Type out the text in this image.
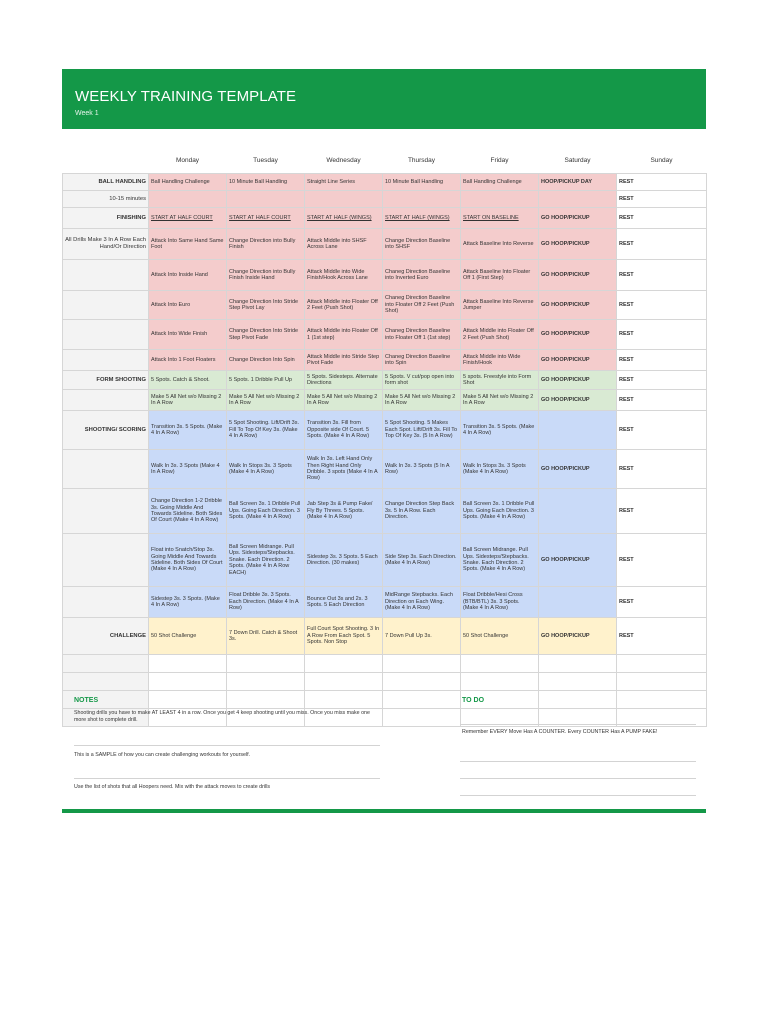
WEEKLY TRAINING TEMPLATE
Week 1
	Monday	Tuesday	Wednesday	Thursday	Friday	Saturday	Sunday
BALL HANDLING	Ball Handling Challenge	10 Minute Ball Handling	Straight Line Series	10 Minute Ball Handling	Ball Handling Challenge	HOOP/PICKUP DAY	REST
10-15 minutes							REST
FINISHING	START AT HALF COURT	START AT HALF COURT	START AT HALF (WINGS)	START AT HALF (WINGS)	START ON BASELINE	GO HOOP/PICKUP	REST
All Drills Make 3 In A Row Each Hand/Or Direction	Attack Into Same Hand Same Foot	Change Direction into Bully Finish	Attack Middle into SHSF Across Lane	Change Direction Baseline into SHSF	Attack Baseline Into Reverse	GO HOOP/PICKUP	REST
	Attack Into Inside Hand	Change Direction into Bully Finish Inside Hand	Attack Middle into Wide Finish/Hook Across Lane	Chaneg Direction Baseline into Inverted Euro	Attack Baseline Into Floater Off 1 (First Step)	GO HOOP/PICKUP	REST
	Attack Into Euro	Change Direction Into Stride Step Pivot Lay	Attack Middle into Floater Off 2 Feet (Push Shot)	Chaneg Direction Baseline into Floater Off 2 Feet (Push Shot)	Attack Baseline Into Reverse Jumper	GO HOOP/PICKUP	REST
	Attack Into Wide Finish	Change Direction Into Stride Step Pivot Fade	Attack Middle into Floater Off 1 (1st step)	Chaneg Direction Baseline into Floater Off 1 (1st step)	Attack Middle into Floater Off 2 Feet (Push Shot)	GO HOOP/PICKUP	REST
	Attack Into 1 Foot Floaters	Change Direction Into Spin	Attack Middle into Stride Step Pivot Fade	Chaneg Direction Baseline into Spin	Attack Middle into Wide Finish/Hook	GO HOOP/PICKUP	REST
FORM SHOOTING	5 Spots. Catch & Shoot.	5 Spots. 1 Dribble Pull Up	5 Spots. Sidesteps. Alternate Directions	5 Spots. V cut/pop open into form shot	5 spots. Freestyle into Form Shot	GO HOOP/PICKUP	REST
	Make 5 All Net w/o Missing 2 In A Row	Make 5 All Net w/o Missing 2 In A Row	Make 5 All Net w/o Missing 2 In A Row	Make 5 All Net w/o Missing 2 In A Row	Make 5 All Net w/o Missing 2 In A Row	GO HOOP/PICKUP	REST
SHOOTING/ SCORING	Transition 3s. 5 Spots. (Make 4 In A Row)	5 Spot Shooting. Lift/Drift 3s. Fill To Top Of Key 3s. (Make 4 In A Row)	Transition 3s. Fill from Opposite side Of Court. 5 Spots. (Make 4 In A Row)	5 Spot Shooting. 5 Makes Each Spot. Lift/Drift 3s. Fill To Top Of Key 3s. (5 In A Row)	Transition 3s. 5 Spots. (Make 4 In A Row)		REST
	Walk In 3s. 3 Spots (Make 4 In A Row)	Walk In Stops 3s. 3 Spots (Make 4 In A Row)	Walk In 3s. Left Hand Only Then Right Hand Only Dribble. 3 spots (Make 4 In A Row)	Walk In 3s. 3 Spots (5 In A Row)	Walk In Stops 3s. 3 Spots (Make 4 In A Row)	GO HOOP/PICKUP	REST
	Change Direction 1-2 Dribble 3s. Going Middle And Towards Sideline. Both Sides Of Court (Make 4 In A Row)	Ball Screen 3s. 1 Dribble Pull Ups. Going Each Direction. 3 Spots. (Make 4 In A Row)	Jab Step 3s & Pump Fake/ Fly By Threes. 5 Spots. (Make 4 In A Row)	Change Direction Step Back 3s. 5 In A Row. Each Direction.	Ball Screen 3s. 1 Dribble Pull Ups. Going Each Direction. 3 Spots. (Make 4 In A Row)		REST
	Float into Snatch/Stop 3s. Going Middle And Towards Sideline. Both Sides Of Court (Make 4 In A Row)	Ball Screen Midrange. Pull Ups. Sidesteps/Stepbacks. Snake. Each Direction. 2 Spots. (Make 4 In A Row EACH)	Sidestep 3s. 3 Spots. 5 Each Direction. (30 makes)	Side Step 3s. Each Direction. (Make 4 In A Row)	Ball Screen Midrange. Pull Ups. Sidesteps/Stepbacks. Snake. Each Direction. 2 Spots. (Make 4 In A Row)	GO HOOP/PICKUP	REST
	Sidestep 3s. 3 Spots. (Make 4 In A Row)	Float Dribble 3s. 3 Spots. Each Direction. (Make 4 In A Row)	Bounce Out 3s and 2s. 3 Spots. 5 Each Direction	MidRange Stepbacks. Each Direction on Each Wing. (Make 4 In A Row)	Float Dribble/Hesi Cross (BTB/BTL) 3s. 3 Spots. (Make 4 In A Row)		REST
CHALLENGE	50 Shot Challenge	7 Down Drill. Catch & Shoot 3s.	Full Court Spot Shooting. 3 In A Row From Each Spot. 5 Spots. Non Stop	7 Down Pull Up 3s.	50 Shot Challenge	GO HOOP/PICKUP	REST

NOTES
Shooting drills you have to make AT LEAST 4 in a row. Once you get 4 keep shooting until you miss. Once you miss make one more shot to complete drill.
This is a SAMPLE of how you can create challenging workouts for yourself.
Use the list of shots that all Hoopers need. Mix with the attack moves to create drills
TO DO
Remember EVERY Move Has A COUNTER. Every COUNTER Has A PUMP FAKE!
